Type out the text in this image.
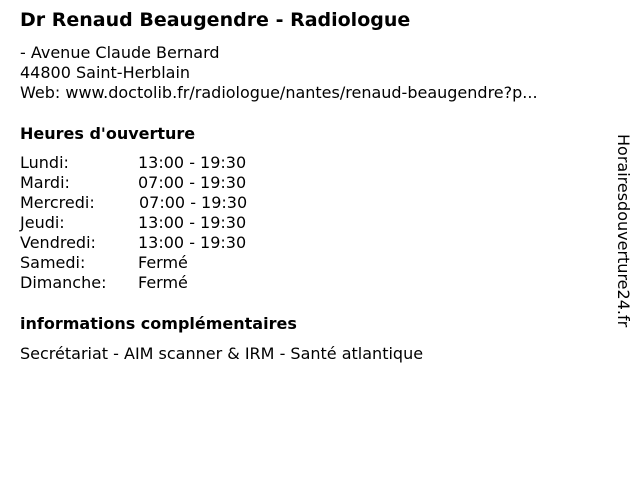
Dr Renaud Beaugendre - Radiologue
- Avenue Claude Bernard
44800 Saint-Herblain
Web: www.doctolib.fr/radiologue/nantes/renaud-beaugendre?p...
Heures d'ouverture
Lundi:	13:00 - 19:30
Mardi:	07:00 - 19:30
Mercredi:	07:00 - 19:30
Jeudi:	13:00 - 19:30
Vendredi:	13:00 - 19:30
Samedi:	Fermé
Dimanche:	Fermé
informations complémentaires
Secrétariat - AIM scanner & IRM - Santé atlantique
Horairesdouverture24.fr
